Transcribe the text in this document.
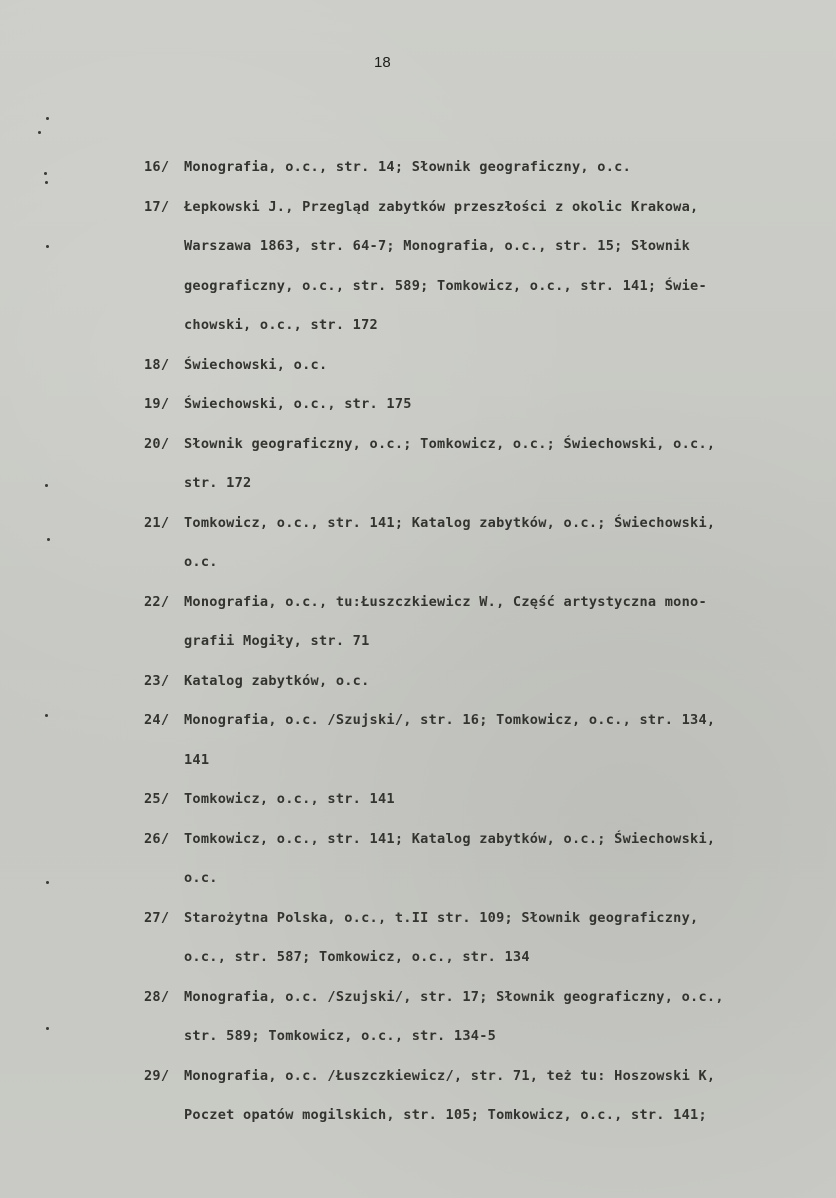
18
16/ Monografia, o.c., str. 14; Słownik geograficzny, o.c.
17/ Łepkowski J., Przegląd zabytków przeszłości z okolic Krakowa,
Warszawa 1863, str. 64-7; Monografia, o.c., str. 15; Słownik
geograficzny, o.c., str. 589; Tomkowicz, o.c., str. 141; Świe-
chowski, o.c., str. 172
18/ Świechowski, o.c.
19/ Świechowski, o.c., str. 175
20/ Słownik geograficzny, o.c.; Tomkowicz, o.c.; Świechowski, o.c.,
str. 172
21/ Tomkowicz, o.c., str. 141; Katalog zabytków, o.c.; Świechowski,
o.c.
22/ Monografia, o.c., tu:Łuszczkiewicz W., Część artystyczna mono-
grafii Mogiły, str. 71
23/ Katalog zabytków, o.c.
24/ Monografia, o.c. /Szujski/, str. 16; Tomkowicz, o.c., str. 134,
141
25/ Tomkowicz, o.c., str. 141
26/ Tomkowicz, o.c., str. 141; Katalog zabytków, o.c.; Świechowski,
o.c.
27/ Starożytna Polska, o.c., t.II str. 109; Słownik geograficzny,
o.c., str. 587; Tomkowicz, o.c., str. 134
28/ Monografia, o.c. /Szujski/, str. 17; Słownik geograficzny, o.c.,
str. 589; Tomkowicz, o.c., str. 134-5
29/ Monografia, o.c. /Łuszczkiewicz/, str. 71, też tu: Hoszowski K,
Poczet opatów mogilskich, str. 105; Tomkowicz, o.c., str. 141;
